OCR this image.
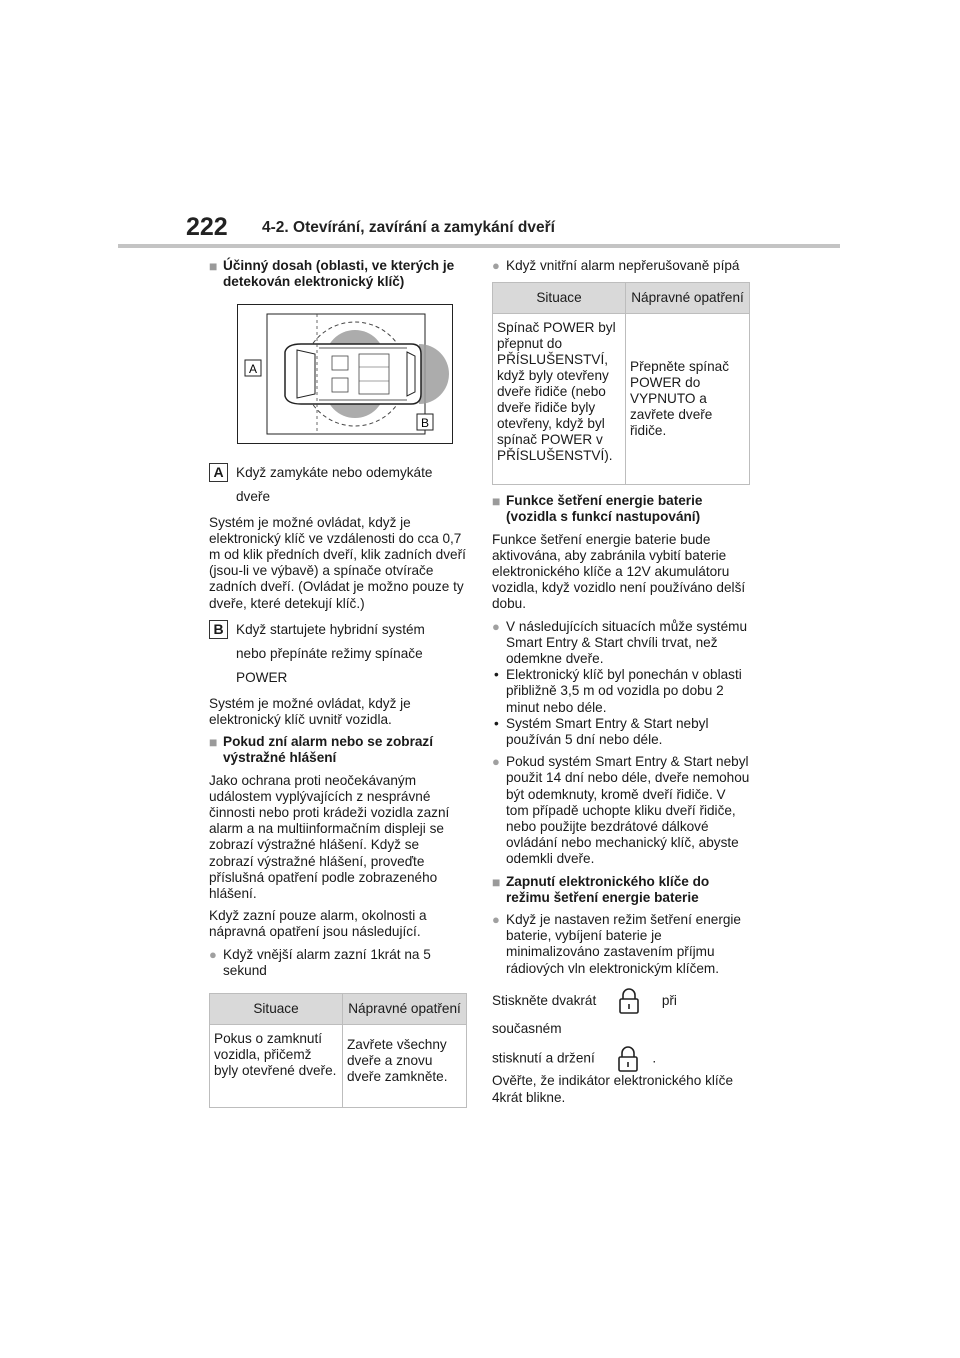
222 4-2. Otevírání, zavírání a zamykání dveří
■ Účinný dosah (oblasti, ve kterých je detekován elektronický klíč)
A
B
A Když zamykáte nebo odemykáte
dveře

Systém je možné ovládat, když je elektronický klíč ve vzdálenosti do cca 0,7 m od klik předních dveří, klik zadních dveří (jsou-li ve výbavě) a spínače otvírače zadních dveří. (Ovládat je možno pouze ty dveře, které detekují klíč.)

B Když startujete hybridní systém
nebo přepínáte režimy spínače
POWER

Systém je možné ovládat, když je elektronický klíč uvnitř vozidla.

■ Pokud zní alarm nebo se zobrazí výstražné hlášení

Jako ochrana proti neočekávaným událostem vyplývajících z nesprávné činnosti nebo proti krádeži vozidla zazní alarm a na multiinformačním displeji se zobrazí výstražné hlášení. Když se zobrazí výstražné hlášení, proveďte příslušná opatření podle zobrazeného hlášení.

Když zazní pouze alarm, okolnosti a nápravná opatření jsou následující.

● Když vnější alarm zazní 1krát na 5 sekund
Situace	Nápravné opatření
Pokus o zamknutí vozidla, přičemž byly otevřené dveře.	Zavřete všechny dveře a znovu dveře zamkněte.
● Když vnitřní alarm nepřerušovaně pípá
Situace	Nápravné opatření
Spínač POWER byl přepnut do PŘÍSLUŠENSTVÍ, když byly otevřeny dveře řidiče (nebo dveře řidiče byly otevřeny, když byl spínač POWER v PŘÍSLUŠENSTVÍ).	Přepněte spínač POWER do VYPNUTO a zavřete dveře řidiče.
■ Funkce šetření energie baterie (vozidla s funkcí nastupování)

Funkce šetření energie baterie bude aktivována, aby zabránila vybití baterie elektronického klíče a 12V akumulátoru vozidla, když vozidlo není používáno delší dobu.

● V následujících situacích může systému Smart Entry & Start chvíli trvat, než odemkne dveře.
• Elektronický klíč byl ponechán v oblasti přibližně 3,5 m od vozidla po dobu 2 minut nebo déle.
• Systém Smart Entry & Start nebyl používán 5 dní nebo déle.
● Pokud systém Smart Entry & Start nebyl použit 14 dní nebo déle, dveře nemohou být odemknuty, kromě dveří řidiče. V tom případě uchopte kliku dveří řidiče, nebo použijte bezdrátové dálkové ovládání nebo mechanický klíč, abyste odemkli dveře.
■ Zapnutí elektronického klíče do režimu šetření energie baterie
● Když je nastaven režim šetření energie baterie, vybíjení baterie je minimalizováno zastavením příjmu rádiových vln elektronickým klíčem.
Stiskněte dvakrát	při současném
stisknutí a držení	.

Ověřte, že indikátor elektronického klíče 4krát blikne.
